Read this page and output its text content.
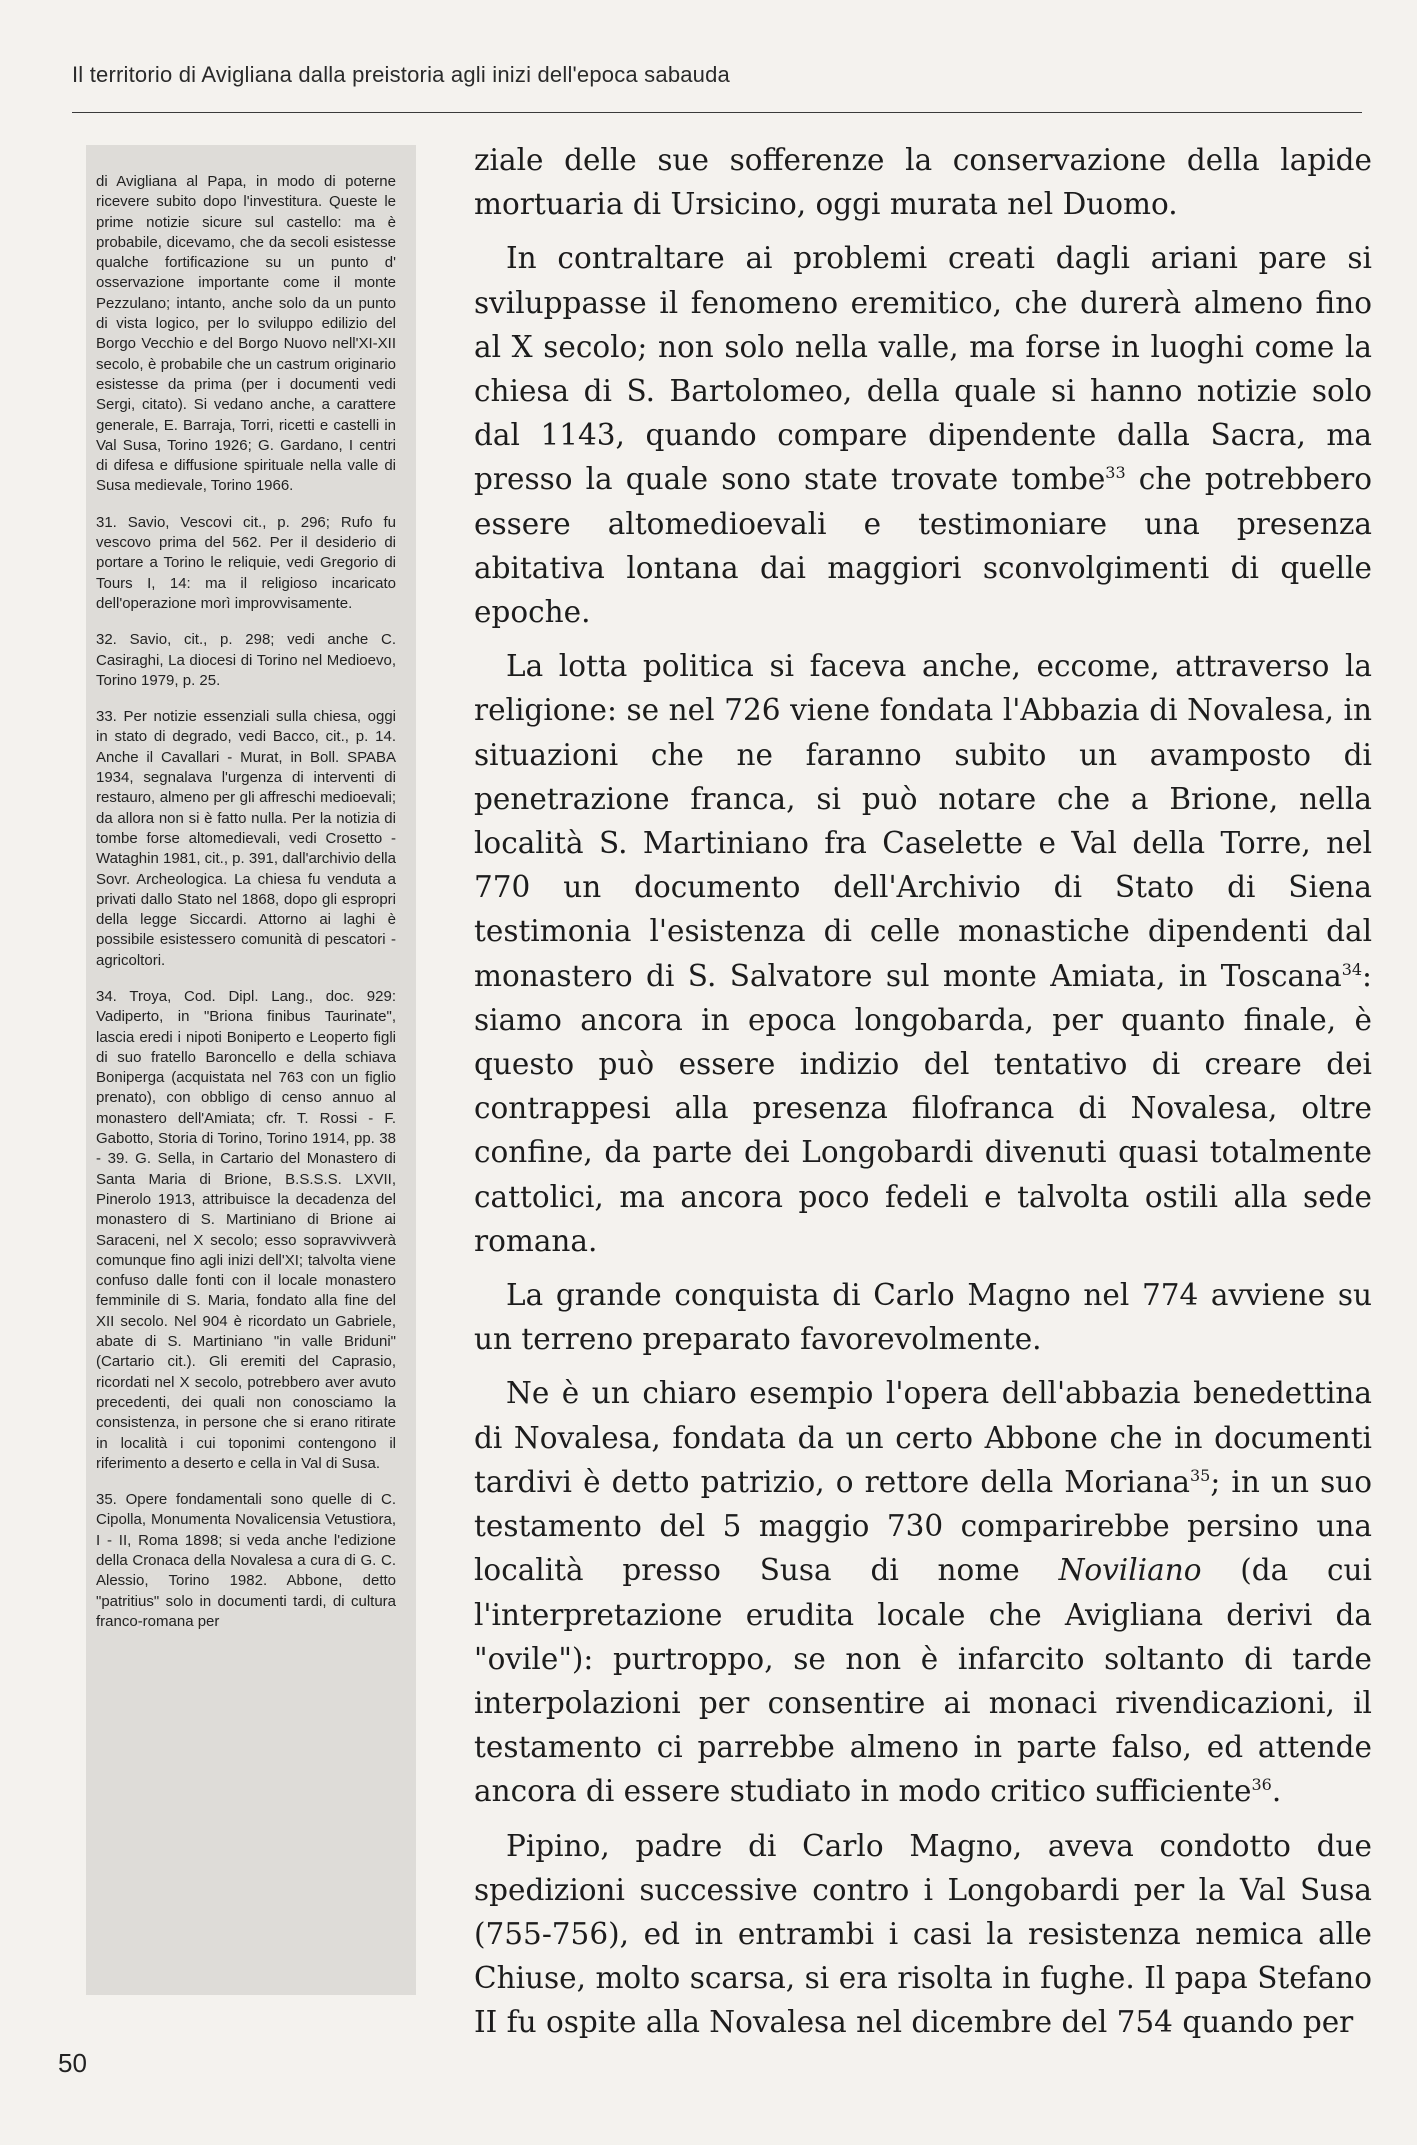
Il territorio di Avigliana dalla preistoria agli inizi dell'epoca sabauda

di Avigliana al Papa, in modo di poterne ricevere subito dopo l'investitura. Queste le prime notizie sicure sul castello: ma è probabile, dicevamo, che da secoli esistesse qualche fortificazione su un punto d' osservazione importante come il monte Pezzulano; intanto, anche solo da un punto di vista logico, per lo sviluppo edilizio del Borgo Vecchio e del Borgo Nuovo nell'XI-XII secolo, è probabile che un castrum originario esistesse da prima (per i documenti vedi Sergi, citato). Si vedano anche, a carattere generale, E. Barraja, Torri, ricetti e castelli in Val Susa, Torino 1926; G. Gardano, I centri di difesa e diffusione spirituale nella valle di Susa medievale, Torino 1966.

31. Savio, Vescovi cit., p. 296; Rufo fu vescovo prima del 562. Per il desiderio di portare a Torino le reliquie, vedi Gregorio di Tours I, 14: ma il religioso incaricato dell'operazione morì improvvisamente.

32. Savio, cit., p. 298; vedi anche C. Casiraghi, La diocesi di Torino nel Medioevo, Torino 1979, p. 25.

33. Per notizie essenziali sulla chiesa, oggi in stato di degrado, vedi Bacco, cit., p. 14. Anche il Cavallari - Murat, in Boll. SPABA 1934, segnalava l'urgenza di interventi di restauro, almeno per gli affreschi medioevali; da allora non si è fatto nulla. Per la notizia di tombe forse altomedievali, vedi Crosetto - Wataghin 1981, cit., p. 391, dall'archivio della Sovr. Archeologica. La chiesa fu venduta a privati dallo Stato nel 1868, dopo gli espropri della legge Siccardi. Attorno ai laghi è possibile esistessero comunità di pescatori - agricoltori.

34. Troya, Cod. Dipl. Lang., doc. 929: Vadiperto, in "Briona finibus Taurinate", lascia eredi i nipoti Boniperto e Leoperto figli di suo fratello Baroncello e della schiava Boniperga (acquistata nel 763 con un figlio prenato), con obbligo di censo annuo al monastero dell'Amiata; cfr. T. Rossi - F. Gabotto, Storia di Torino, Torino 1914, pp. 38 - 39. G. Sella, in Cartario del Monastero di Santa Maria di Brione, B.S.S.S. LXVII, Pinerolo 1913, attribuisce la decadenza del monastero di S. Martiniano di Brione ai Saraceni, nel X secolo; esso sopravvivverà comunque fino agli inizi dell'XI; talvolta viene confuso dalle fonti con il locale monastero femminile di S. Maria, fondato alla fine del XII secolo. Nel 904 è ricordato un Gabriele, abate di S. Martiniano "in valle Briduni" (Cartario cit.). Gli eremiti del Caprasio, ricordati nel X secolo, potrebbero aver avuto precedenti, dei quali non conosciamo la consistenza, in persone che si erano ritirate in località i cui toponimi contengono il riferimento a deserto e cella in Val di Susa.

35. Opere fondamentali sono quelle di C. Cipolla, Monumenta Novalicensia Vetustiora, I - II, Roma 1898; si veda anche l'edizione della Cronaca della Novalesa a cura di G. C. Alessio, Torino 1982. Abbone, detto "patritius" solo in documenti tardi, di cultura franco-romana per

ziale delle sue sofferenze la conservazione della lapide mortuaria di Ursicino, oggi murata nel Duomo.

In contraltare ai problemi creati dagli ariani pare si sviluppasse il fenomeno eremitico, che durerà almeno fino al X secolo; non solo nella valle, ma forse in luoghi come la chiesa di S. Bartolomeo, della quale si hanno notizie solo dal 1143, quando compare dipendente dalla Sacra, ma presso la quale sono state trovate tombe$^{33}$ che potrebbero essere altomedioevali e testimoniare una presenza abitativa lontana dai maggiori sconvolgimenti di quelle epoche.

La lotta politica si faceva anche, eccome, attraverso la religione: se nel 726 viene fondata l'Abbazia di Novalesa, in situazioni che ne faranno subito un avamposto di penetrazione franca, si può notare che a Brione, nella località S. Martiniano fra Caselette e Val della Torre, nel 770 un documento dell'Archivio di Stato di Siena testimonia l'esistenza di celle monastiche dipendenti dal monastero di S. Salvatore sul monte Amiata, in Toscana$^{34}$: siamo ancora in epoca longobarda, per quanto finale, è questo può essere indizio del tentativo di creare dei contrappesi alla presenza filofranca di Novalesa, oltre confine, da parte dei Longobardi divenuti quasi totalmente cattolici, ma ancora poco fedeli e talvolta ostili alla sede romana.

La grande conquista di Carlo Magno nel 774 avviene su un terreno preparato favorevolmente.

Ne è un chiaro esempio l'opera dell'abbazia benedettina di Novalesa, fondata da un certo Abbone che in documenti tardivi è detto patrizio, o rettore della Moriana$^{35}$; in un suo testamento del 5 maggio 730 comparirebbe persino una località presso Susa di nome Noviliano (da cui l'interpretazione erudita locale che Avigliana derivi da "ovile"): purtroppo, se non è infarcito soltanto di tarde interpolazioni per consentire ai monaci rivendicazioni, il testamento ci parrebbe almeno in parte falso, ed attende ancora di essere studiato in modo critico sufficiente$^{36}$.

Pipino, padre di Carlo Magno, aveva condotto due spedizioni successive contro i Longobardi per la Val Susa (755-756), ed in entrambi i casi la resistenza nemica alle Chiuse, molto scarsa, si era risolta in fughe. Il papa Stefano II fu ospite alla Novalesa nel dicembre del 754 quando per

50
